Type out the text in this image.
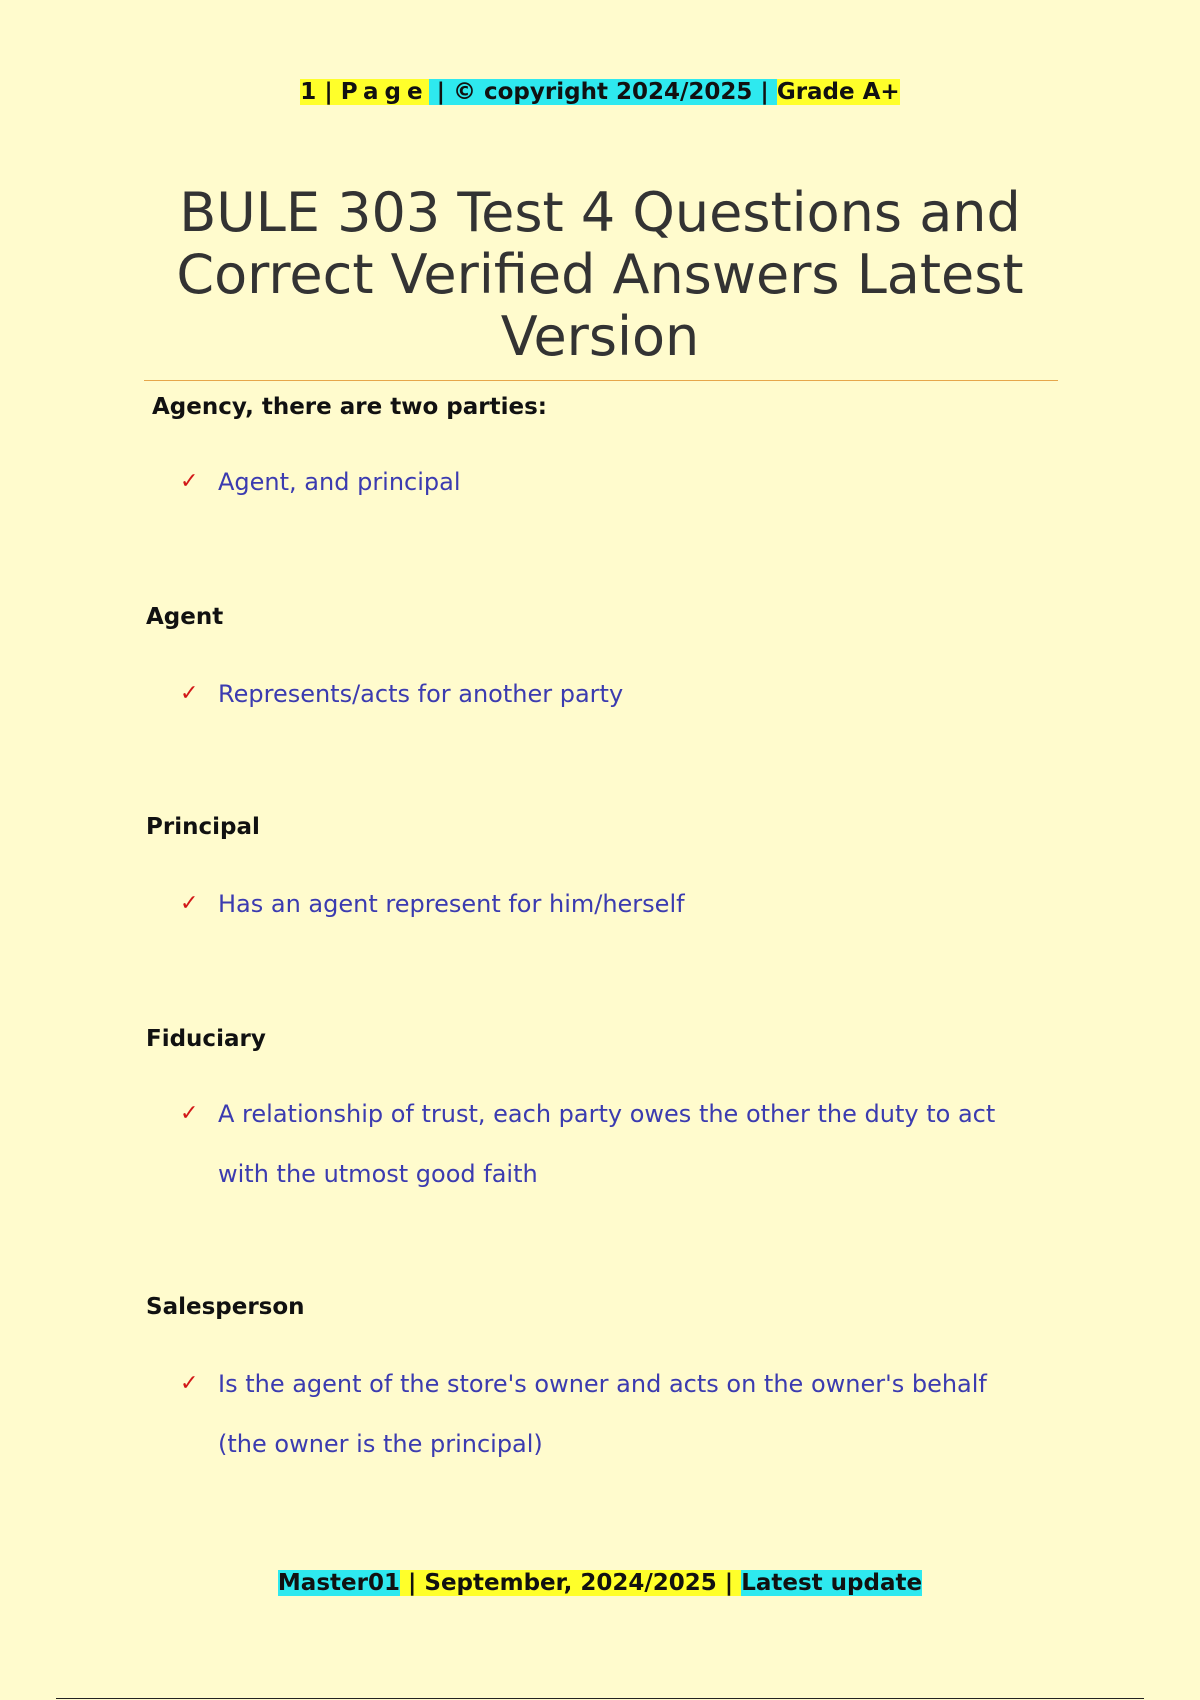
1 | Page | © copyright 2024/2025 | Grade A+
BULE 303 Test 4 Questions and Correct Verified Answers Latest Version
Agency, there are two parties:
✓ Agent, and principal
Agent
✓ Represents/acts for another party
Principal
✓ Has an agent represent for him/herself
Fiduciary
✓ A relationship of trust, each party owes the other the duty to act with the utmost good faith
Salesperson
✓ Is the agent of the store's owner and acts on the owner's behalf (the owner is the principal)
Master01 | September, 2024/2025 | Latest update
